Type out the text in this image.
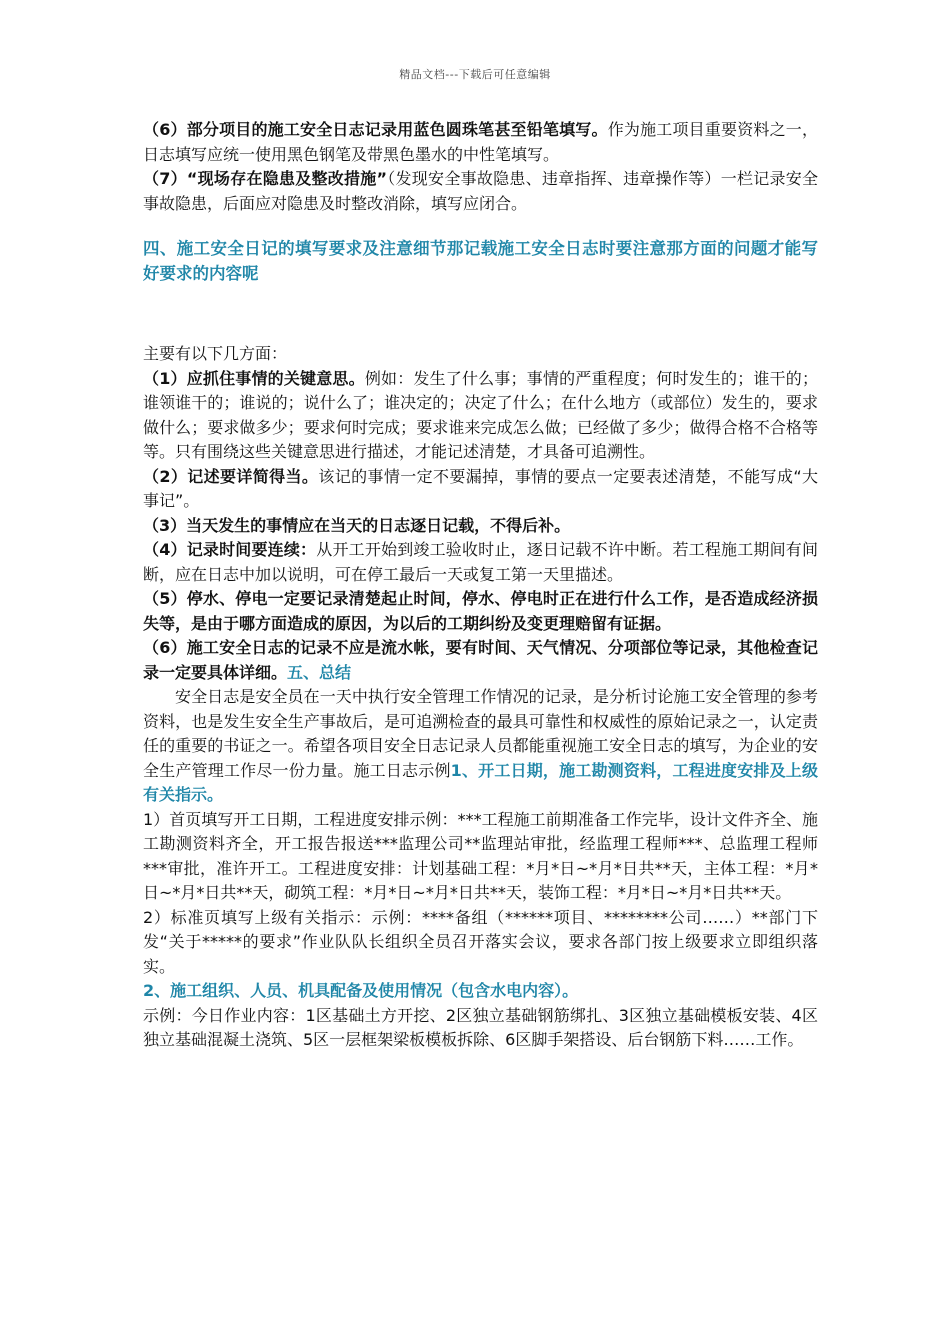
精品文档---下载后可任意编辑

（6）部分项目的施工安全日志记录用蓝色圆珠笔甚至铅笔填写。作为施工项目重要资料之一，日志填写应统一使用黑色钢笔及带黑色墨水的中性笔填写。

（7）“现场存在隐患及整改措施”（发现安全事故隐患、违章指挥、违章操作等）一栏记录安全事故隐患，后面应对隐患及时整改消除，填写应闭合。

四、施工安全日记的填写要求及注意细节那记载施工安全日志时要注意那方面的问题才能写好要求的内容呢

主要有以下几方面：

（1）应抓住事情的关键意思。例如：发生了什么事；事情的严重程度；何时发生的；谁干的；谁领谁干的；谁说的；说什么了；谁决定的；决定了什么；在什么地方（或部位）发生的，要求做什么；要求做多少；要求何时完成；要求谁来完成怎么做；已经做了多少；做得合格不合格等等。只有围绕这些关键意思进行描述，才能记述清楚，才具备可追溯性。

（2）记述要详简得当。该记的事情一定不要漏掉，事情的要点一定要表述清楚，不能写成“大事记”。

（3）当天发生的事情应在当天的日志逐日记载，不得后补。

（4）记录时间要连续：从开工开始到竣工验收时止，逐日记载不许中断。若工程施工期间有间断，应在日志中加以说明，可在停工最后一天或复工第一天里描述。

（5）停水、停电一定要记录清楚起止时间，停水、停电时正在进行什么工作，是否造成经济损失等，是由于哪方面造成的原因，为以后的工期纠纷及变更理赔留有证据。

（6）施工安全日志的记录不应是流水帐，要有时间、天气情况、分项部位等记录，其他检查记录一定要具体详细。五、总结

安全日志是安全员在一天中执行安全管理工作情况的记录，是分析讨论施工安全管理的参考资料，也是发生安全生产事故后，是可追溯检查的最具可靠性和权威性的原始记录之一，认定责任的重要的书证之一。希望各项目安全日志记录人员都能重视施工安全日志的填写，为企业的安全生产管理工作尽一份力量。施工日志示例1、开工日期，施工勘测资料，工程进度安排及上级有关指示。

1）首页填写开工日期，工程进度安排示例：***工程施工前期准备工作完毕，设计文件齐全、施工勘测资料齐全，开工报告报送***监理公司**监理站审批，经监理工程师***、总监理工程师***审批，准许开工。工程进度安排：计划基础工程：*月*日~*月*日共**天，主体工程：*月*日~*月*日共**天，砌筑工程：*月*日~*月*日共**天，装饰工程：*月*日~*月*日共**天。

2）标准页填写上级有关指示：示例：****备组（******项目、********公司……）**部门下发“关于*****的要求”作业队队长组织全员召开落实会议，要求各部门按上级要求立即组织落实。

2、施工组织、人员、机具配备及使用情况（包含水电内容）。

示例：今日作业内容：1区基础土方开挖、2区独立基础钢筋绑扎、3区独立基础模板安装、4区独立基础混凝土浇筑、5区一层框架梁板模板拆除、6区脚手架搭设、后台钢筋下料……工作。
